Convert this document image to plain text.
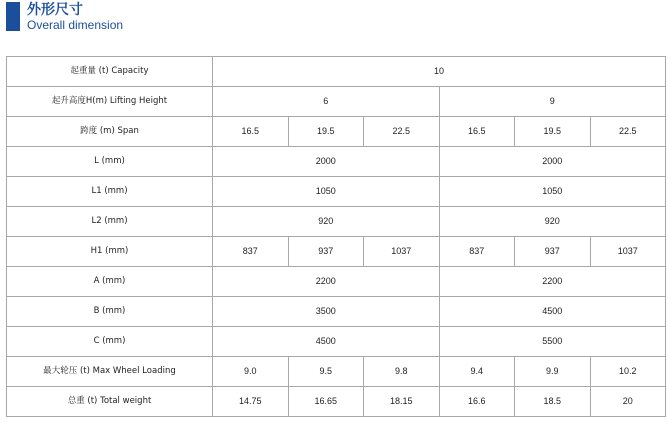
外形尺寸
Overall dimension
起重量 (t) Capacity	10					
起升高度H(m) Lifting Height	6			9		
跨度 (m) Span	16.5	19.5	22.5	16.5	19.5	22.5
L (mm)	2000			2000		
L1 (mm)	1050			1050		
L2 (mm)	920			920		
H1 (mm)	837	937	1037	837	937	1037
A (mm)	2200			2200		
B (mm)	3500			4500		
C (mm)	4500			5500		
最大轮压 (t) Max Wheel Loading	9.0	9.5	9.8	9.4	9.9	10.2
总重 (t) Total weight	14.75	16.65	18.15	16.6	18.5	20
